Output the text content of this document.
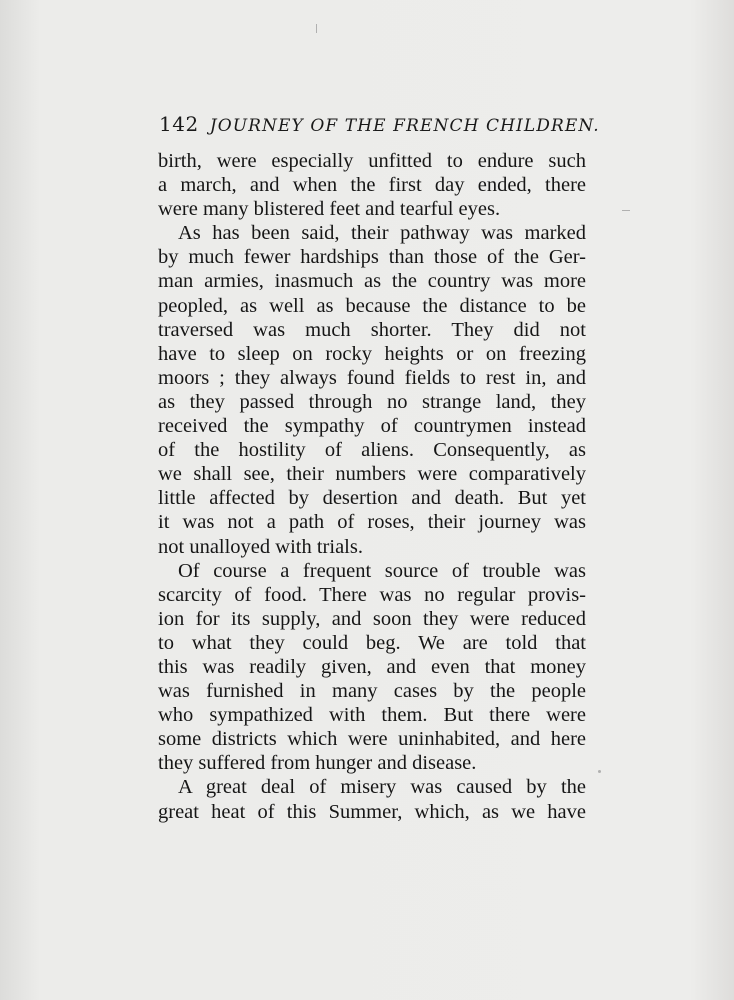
142 JOURNEY OF THE FRENCH CHILDREN.

birth, were especially unfitted to endure such
a march, and when the first day ended, there
were many blistered feet and tearful eyes.

As has been said, their pathway was marked
by much fewer hardships than those of the Ger-
man armies, inasmuch as the country was more
peopled, as well as because the distance to be
traversed was much shorter. They did not
have to sleep on rocky heights or on freezing
moors ; they always found fields to rest in, and
as they passed through no strange land, they
received the sympathy of countrymen instead
of the hostility of aliens. Consequently, as
we shall see, their numbers were comparatively
little affected by desertion and death. But yet
it was not a path of roses, their journey was
not unalloyed with trials.

Of course a frequent source of trouble was
scarcity of food. There was no regular provis-
ion for its supply, and soon they were reduced
to what they could beg. We are told that
this was readily given, and even that money
was furnished in many cases by the people
who sympathized with them. But there were
some districts which were uninhabited, and here
they suffered from hunger and disease.

A great deal of misery was caused by the
great heat of this Summer, which, as we have
